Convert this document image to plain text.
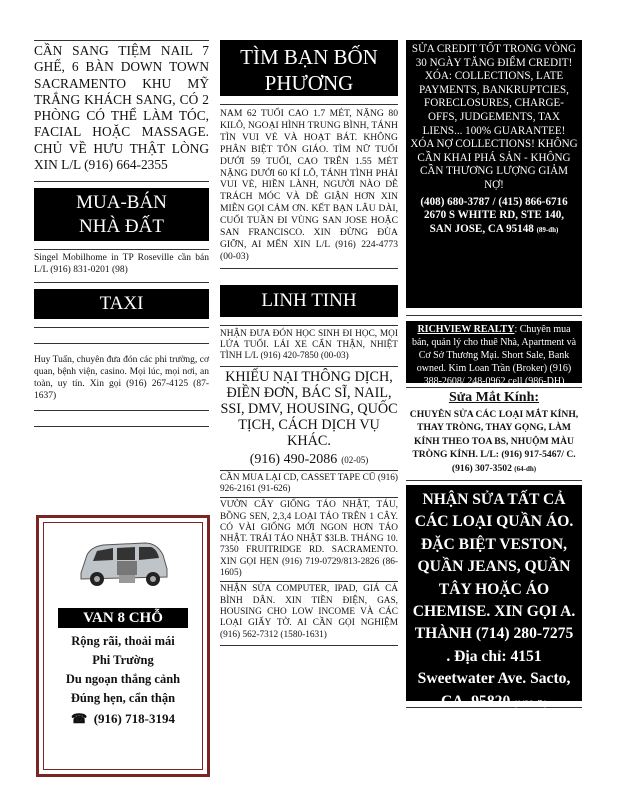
CẦN SANG TIỆM NAIL 7 GHẾ, 6 BÀN DOWN TOWN SACRAMENTO KHU MỸ TRẮNG KHÁCH SANG, CÓ 2 PHÒNG CÓ THỂ LÀM TÓC, FACIAL HOẶC MASSAGE. CHỦ VỀ HƯU THẬT LÒNG XIN L/L (916) 664-2355

MUA-BÁN NHÀ ĐẤT

Singel Mobilhome in TP Roseville cần bán L/L (916) 831-0201 (98)

TAXI

Huy Tuấn, chuyên đưa đón các phi trường, cơ quan, bệnh viện, casino. Mọi lúc, mọi nơi, an toàn, uy tín. Xin gọi (916) 267-4125 (87-1637)

VAN 8 CHỖ
Rộng rãi, thoải mái
Phi Trường
Du ngoạn thắng cảnh
Đúng hẹn, cẩn thận
☎ (916) 718-3194
TÌM BẠN BỐN PHƯƠNG

NAM 62 TUỔI CAO 1.7 MÉT, NẶNG 80 KILÔ, NGOẠI HÌNH TRUNG BÌNH, TÁNH TÌN VUI VẺ VÀ HOẠT BÁT. KHÔNG PHÂN BIỆT TÔN GIÁO. TÌM NỮ TUỔI DƯỚI 59 TUỔI, CAO TRÊN 1.55 MÉT NẶNG DƯỚI 60 KÍ LÔ, TÁNH TÌNH PHẢI VUI VẺ, HIỀN LÀNH, NGƯỜI NÀO DỄ TRÁCH MÓC VÀ DỄ GIẬN HƠN XIN MIỄN GỌI CẢM ƠN. KẾT BẠN LÂU DÀI, CUỐI TUẦN ĐI VÙNG SAN JOSE HOẶC SAN FRANCISCO. XIN ĐỪNG ĐÙA GIỠN, AI MẾN XIN L/L (916) 224-4773 (00-03)

LINH TINH

NHẬN ĐƯA ĐÓN HỌC SINH ĐI HỌC, MỌI LỨA TUỔI. LÁI XE CẨN THẬN, NHIỆT TÌNH L/L (916) 420-7850 (00-03)

KHIẾU NẠI THÔNG DỊCH, ĐIỀN ĐƠN, BÁC SĨ, NAIL, SSI, DMV, HOUSING, QUỐC TỊCH, CÁCH DỊCH VỤ KHÁC.

(916) 490-2086 (02-05)

CẦN MUA LẠI CD, CASSET TAPE CŨ (916) 926-2161 (91-626)

VƯỜN CÂY GIỐNG TÁO NHẬT, TÁU, BỒNG SEN, 2,3,4 LOẠI TÁO TRÊN 1 CÂY. CÓ VÀI GIỐNG MỚI NGON HƠN TÁO NHẬT. TRÁI TÁO NHẬT $3LB. THÁNG 10. 7350 FRUITRIDGE RD. SACRAMENTO. XIN GỌI HẸN (916) 719-0729/813-2826 (86-1605)

NHẬN SỬA COMPUTER, IPAD, GIÁ CẢ BÌNH DÂN. XIN TIỀN ĐIỆN, GAS, HOUSING CHO LOW INCOME VÀ CÁC LOẠI GIẤY TỜ. AI CẦN GỌI NGHIỆM (916) 562-7312 (1580-1631)

SỬA CREDIT TỐT TRONG VÒNG 30 NGÀY TĂNG ĐIỂM CREDIT! XÓA: COLLECTIONS, LATE PAYMENTS, BANKRUPTCIES, FORECLOSURES, CHARGE-OFFS, JUDGEMENTS, TAX LIENS... 100% GUARANTEE! XÓA NỢ COLLECTIONS! KHÔNG CẦN KHAI PHÁ SẢN - KHÔNG CẦN THƯƠNG LƯỢNG GIẢM NỢ!
(408) 680-3787 / (415) 866-6716
2670 S WHITE RD, STE 140,
SAN JOSE, CA 95148 (89-dh)
RICHVIEW REALTY: Chuyên mua bán, quản lý cho thuê Nhà, Apartment và Cơ Sở Thương Mại. Short Sale, Bank owned. Kim Loan Trần (Broker) (916) 388-2608/ 248-0962 cell (986-DH)
Sửa Mắt Kính:
CHUYÊN SỬA CÁC LOẠI MẮT KÍNH, THAY TRÒNG, THAY GỌNG, LÀM KÍNH THEO TOA BS, NHUỘM MÀU TRÒNG KÍNH. L/L: (916) 917-5467/ C. (916) 307-3502 (64-dh)
NHẬN SỬA TẤT CẢ CÁC LOẠI QUẦN ÁO. ĐẶC BIỆT VESTON, QUẦN JEANS, QUẦN TÂY HOẶC ÁO CHEMISE. XIN GỌI A. THÀNH (714) 280-7275 . Địa chỉ: 4151 Sweetwater Ave. Sacto, CA. 95820 (1426-dh)
